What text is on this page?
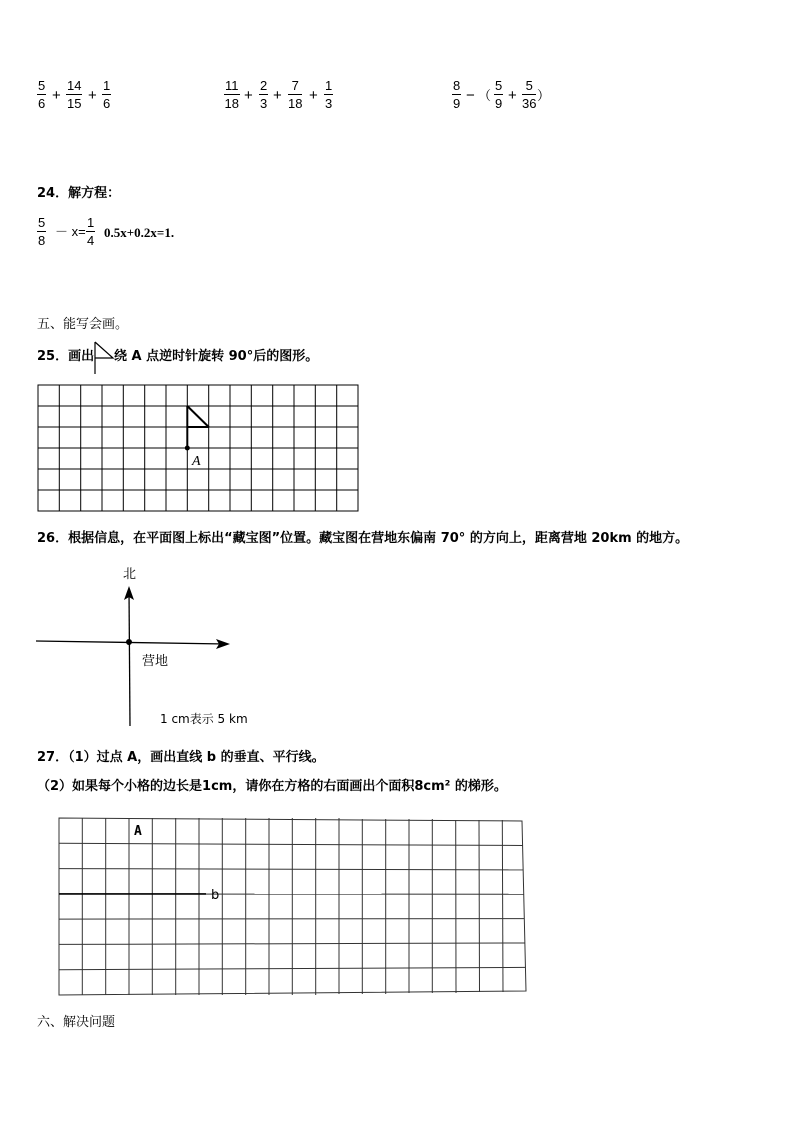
$\frac{5}{6} + \frac{14}{15} + \frac{1}{6}$	$\frac{11}{18} + \frac{2}{3} + \frac{7}{18} + \frac{1}{3}$	$\frac{8}{9}$ − （ $\frac{5}{9} + \frac{5}{36}$ ）
24．解方程：
$\frac{5}{8} - x= \frac{1}{4} 0.5x+0.2x=1$.
五、能写会画。
25．画出 绕 A 点逆时针旋转 90°后的图形。
A
26．根据信息，在平面图上标出“藏宝图”位置。藏宝图在营地东偏南 70° 的方向上，距离营地 20km 的地方。
北
营地
1 cm表示 5 km
27．（1）过点 A，画出直线 b 的垂直、平行线。
（2）如果每个小格的边长是1cm，请你在方格的右面画出个面积8cm² 的梯形。
b
A
六、解决问题
